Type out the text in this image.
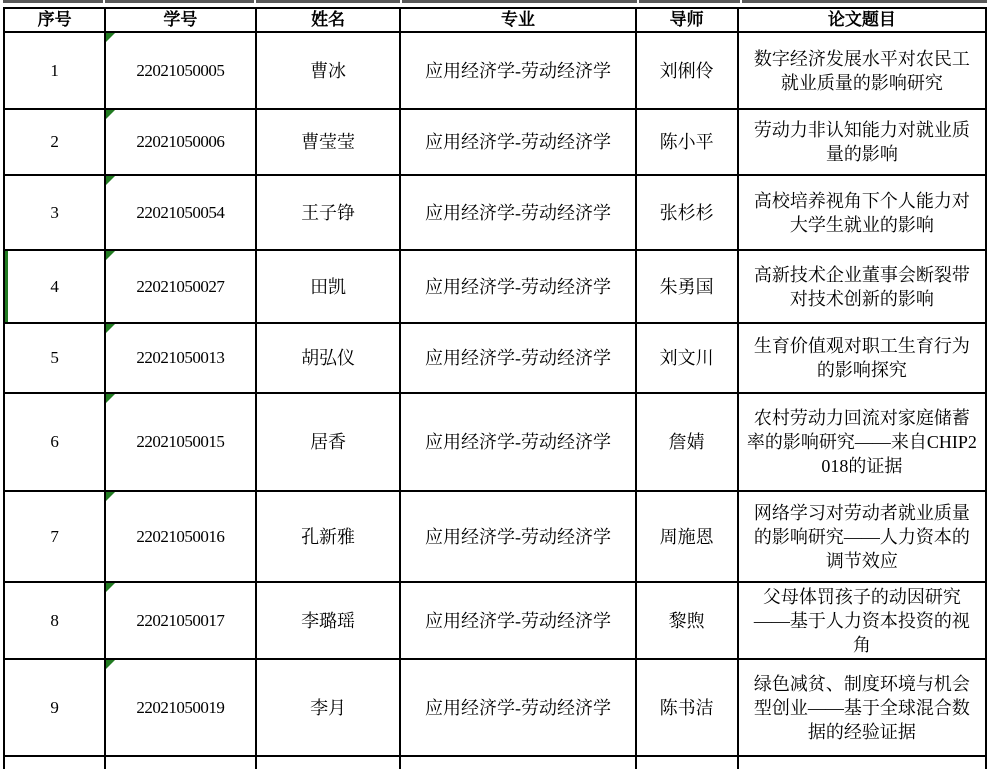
序号	学号	姓名	专业	导师	论文题目
1	22021050005	曹冰	应用经济学-劳动经济学	刘俐伶	数字经济发展水平对农民工就业质量的影响研究
2	22021050006	曹莹莹	应用经济学-劳动经济学	陈小平	劳动力非认知能力对就业质量的影响
3	22021050054	王子铮	应用经济学-劳动经济学	张杉杉	高校培养视角下个人能力对大学生就业的影响
4	22021050027	田凯	应用经济学-劳动经济学	朱勇国	高新技术企业董事会断裂带对技术创新的影响
5	22021050013	胡弘仪	应用经济学-劳动经济学	刘文川	生育价值观对职工生育行为的影响探究
6	22021050015	居香	应用经济学-劳动经济学	詹婧	农村劳动力回流对家庭储蓄率的影响研究——来自CHIP2018的证据
7	22021050016	孔新雅	应用经济学-劳动经济学	周施恩	网络学习对劳动者就业质量的影响研究——人力资本的调节效应
8	22021050017	李璐瑶	应用经济学-劳动经济学	黎煦	父母体罚孩子的动因研究——基于人力资本投资的视角
9	22021050019	李月	应用经济学-劳动经济学	陈书洁	绿色减贫、制度环境与机会型创业——基于全球混合数据的经验证据
